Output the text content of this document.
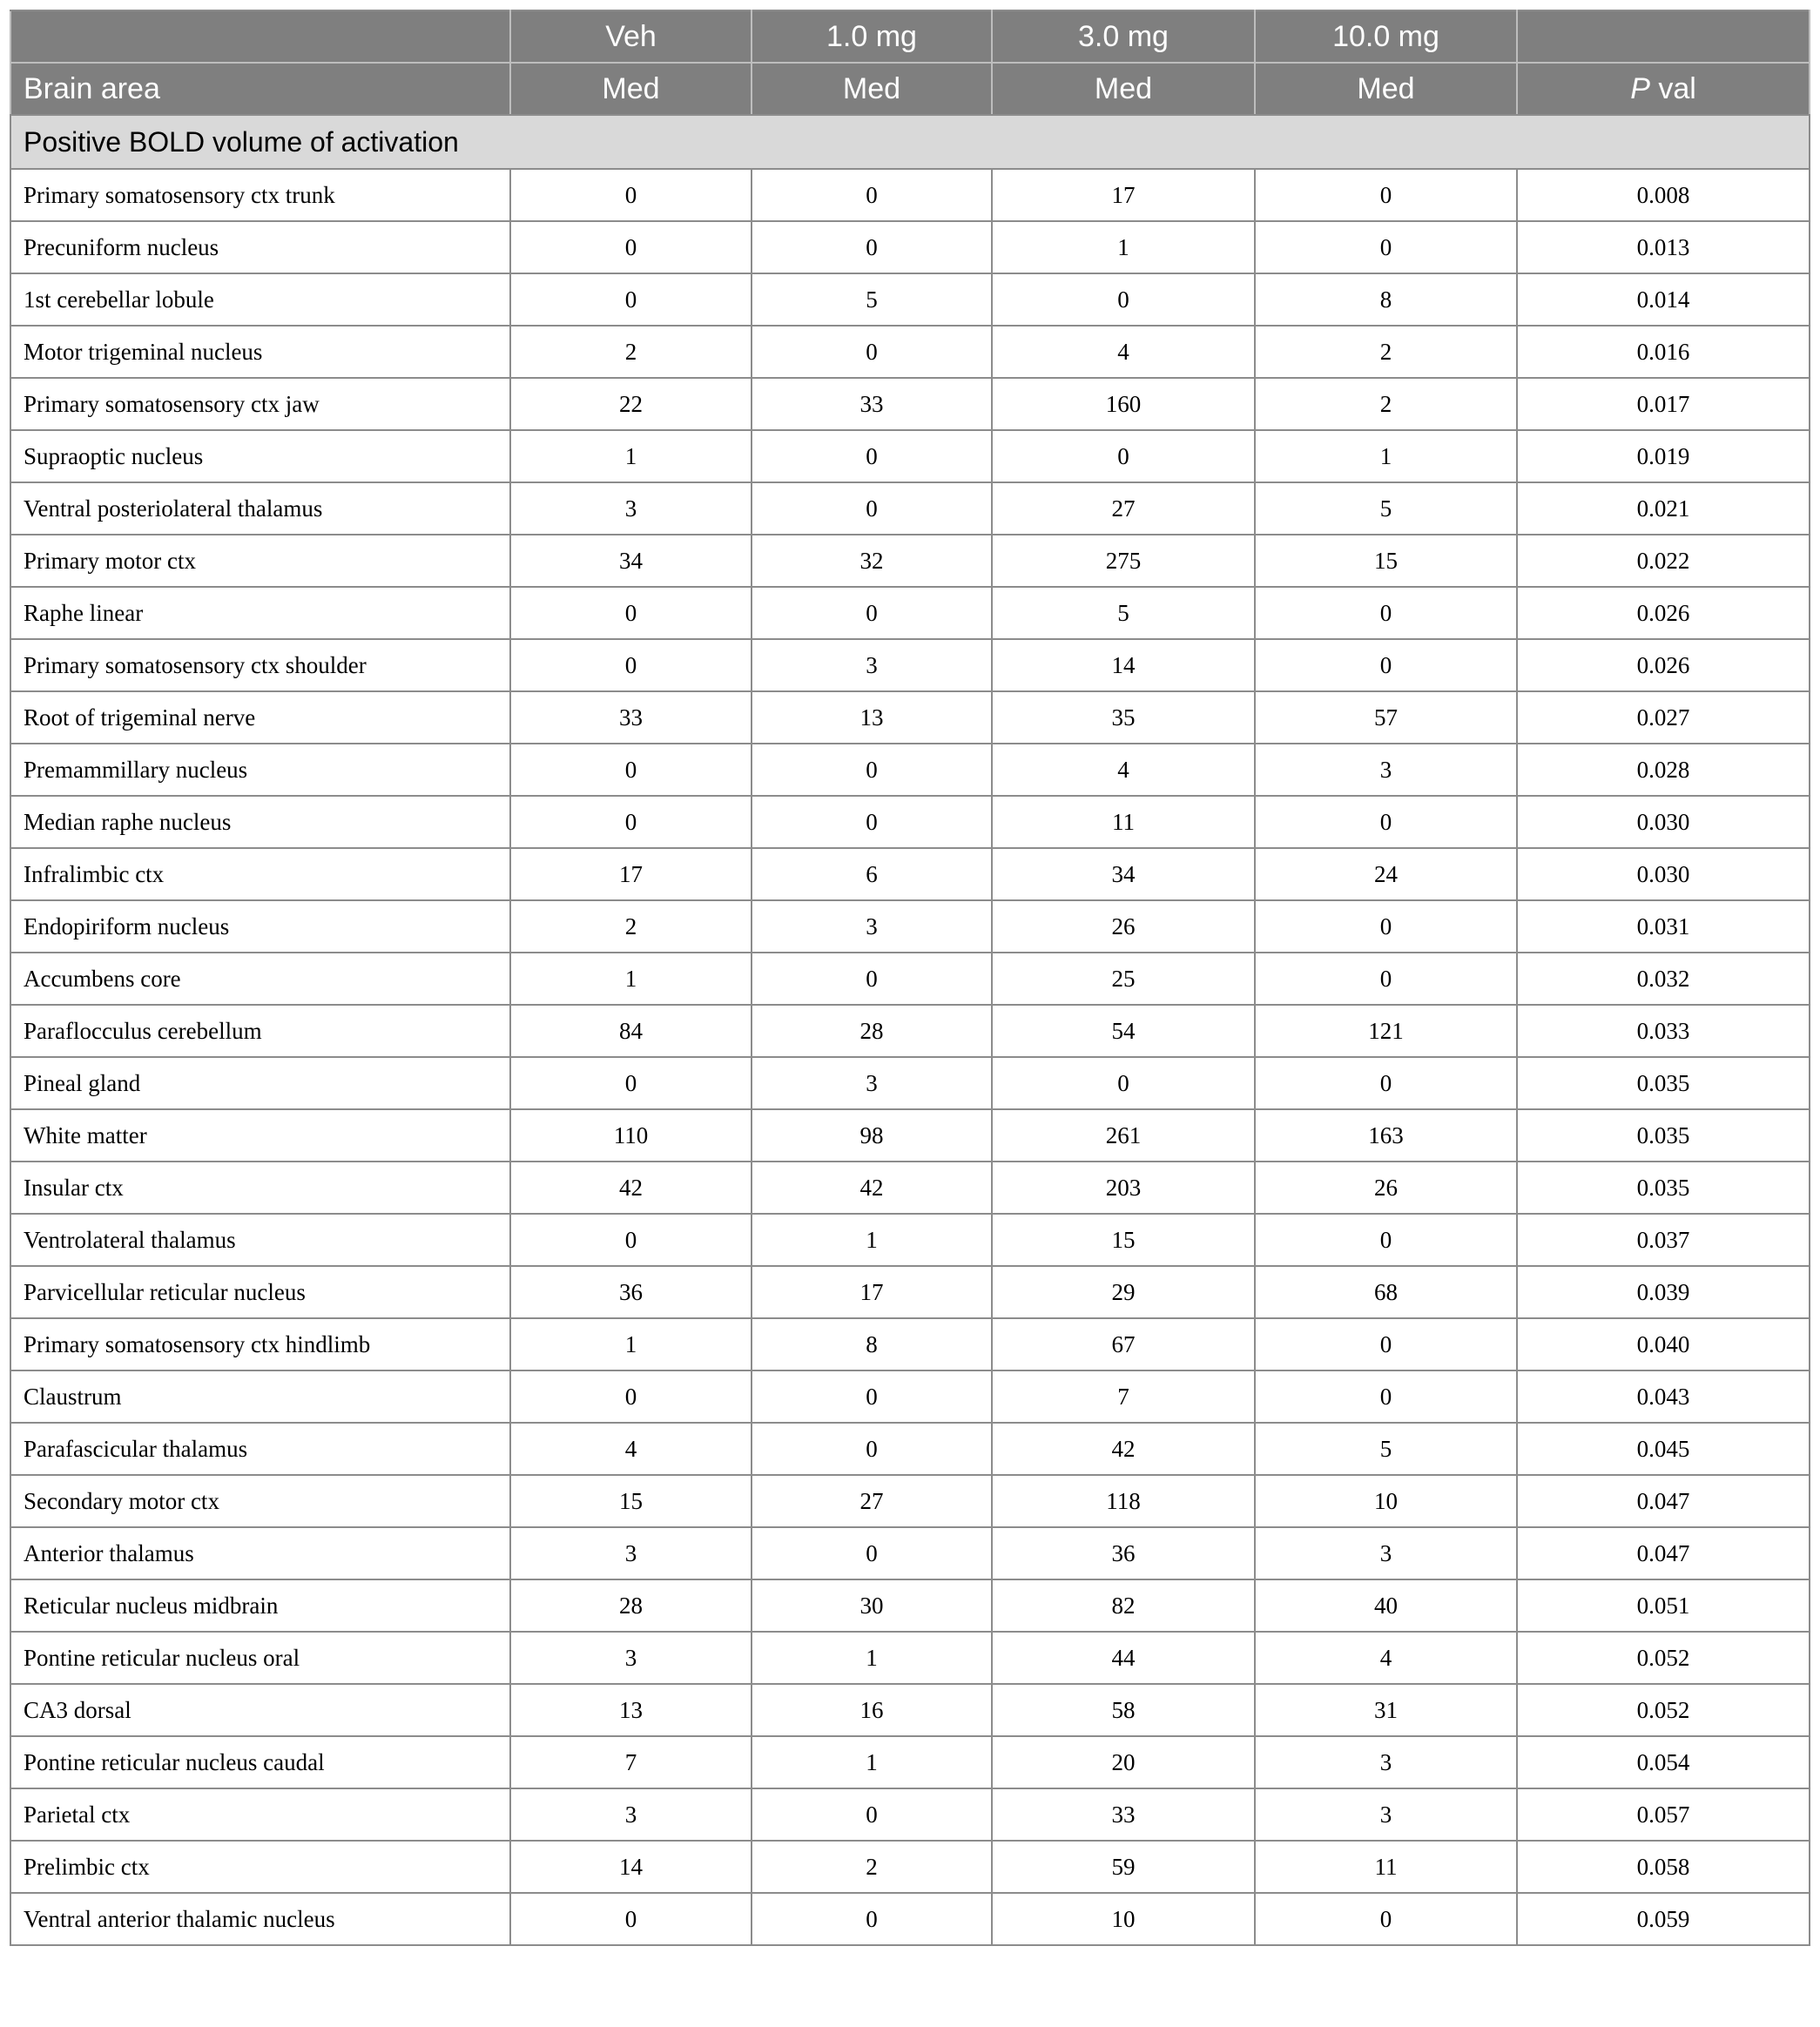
	Veh	1.0 mg	3.0 mg	10.0 mg	
Brain area	Med	Med	Med	Med	P val
Positive BOLD volume of activation					
Primary somatosensory ctx trunk	0	0	17	0	0.008
Precuniform nucleus	0	0	1	0	0.013
1st cerebellar lobule	0	5	0	8	0.014
Motor trigeminal nucleus	2	0	4	2	0.016
Primary somatosensory ctx jaw	22	33	160	2	0.017
Supraoptic nucleus	1	0	0	1	0.019
Ventral posteriolateral thalamus	3	0	27	5	0.021
Primary motor ctx	34	32	275	15	0.022
Raphe linear	0	0	5	0	0.026
Primary somatosensory ctx shoulder	0	3	14	0	0.026
Root of trigeminal nerve	33	13	35	57	0.027
Premammillary nucleus	0	0	4	3	0.028
Median raphe nucleus	0	0	11	0	0.030
Infralimbic ctx	17	6	34	24	0.030
Endopiriform nucleus	2	3	26	0	0.031
Accumbens core	1	0	25	0	0.032
Paraflocculus cerebellum	84	28	54	121	0.033
Pineal gland	0	3	0	0	0.035
White matter	110	98	261	163	0.035
Insular ctx	42	42	203	26	0.035
Ventrolateral thalamus	0	1	15	0	0.037
Parvicellular reticular nucleus	36	17	29	68	0.039
Primary somatosensory ctx hindlimb	1	8	67	0	0.040
Claustrum	0	0	7	0	0.043
Parafascicular thalamus	4	0	42	5	0.045
Secondary motor ctx	15	27	118	10	0.047
Anterior thalamus	3	0	36	3	0.047
Reticular nucleus midbrain	28	30	82	40	0.051
Pontine reticular nucleus oral	3	1	44	4	0.052
CA3 dorsal	13	16	58	31	0.052
Pontine reticular nucleus caudal	7	1	20	3	0.054
Parietal ctx	3	0	33	3	0.057
Prelimbic ctx	14	2	59	11	0.058
Ventral anterior thalamic nucleus	0	0	10	0	0.059
